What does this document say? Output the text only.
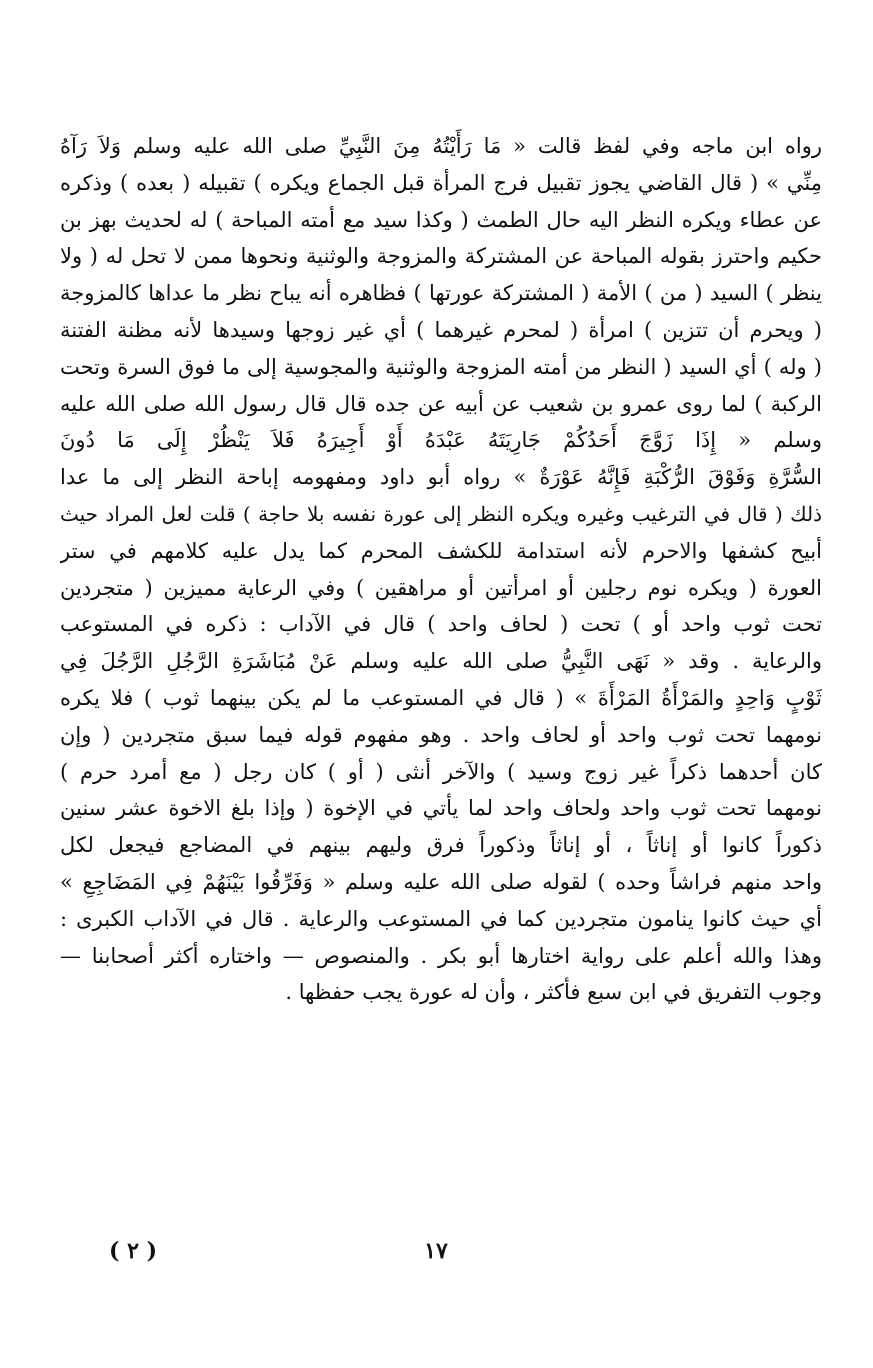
رواه ابن ماجه وفي لفظ قالت « مَا رَأَيْتُهُ مِنَ النَّبِيِّ صلى الله عليه وسلم وَلاَ رَآهُ
مِنِّي » ( قال القاضي يجوز تقبيل فرج المرأة قبل الجماع ويكره ) تقبيله ( بعده ) وذكره
عن عطاء ويكره النظر اليه حال الطمث ( وكذا سيد مع أمته المباحة ) له لحديث بهز بن
حكيم واحترز بقوله المباحة عن المشتركة والمزوجة والوثنية ونحوها ممن لا تحل له ( ولا
ينظر ) السيد ( من ) الأمة ( المشتركة عورتها ) فظاهره أنه يباح نظر ما عداها كالمزوجة
( ويحرم أن تتزين ) امرأة ( لمحرم غيرهما ) أي غير زوجها وسيدها لأنه مظنة الفتنة
( وله ) أي السيد ( النظر من أمته المزوجة والوثنية والمجوسية إلى ما فوق السرة وتحت
الركبة ) لما روى عمرو بن شعيب عن أبيه عن جده قال قال رسول الله صلى الله عليه
وسلم « إِذَا زَوَّجَ أَحَدُكُمْ جَارِيَتَهُ عَبْدَهُ أَوْ أَجِيرَهُ فَلاَ يَنْظُرْ إِلَى مَا دُونَ
السُّرَّةِ وَفَوْقَ الرُّكْبَةِ فَإِنَّهُ عَوْرَةٌ » رواه أبو داود ومفهومه إباحة النظر إلى ما عدا
ذلك ( قال في الترغيب وغيره ويكره النظر إلى عورة نفسه بلا حاجة ) قلت لعل المراد حيث
أبيح كشفها والاحرم لأنه استدامة للكشف المحرم كما يدل عليه كلامهم في ستر
العورة ( ويكره نوم رجلين أو امرأتين أو مراهقين ) وفي الرعاية مميزين ( متجردين
تحت ثوب واحد أو ) تحت ( لحاف واحد ) قال في الآداب : ذكره في المستوعب
والرعاية . وقد « نَهَى النَّبِيُّ صلى الله عليه وسلم عَنْ مُبَاشَرَةِ الرَّجُلِ الرَّجُلَ فِي
ثَوْبٍ وَاحِدٍ والمَرْأَةُ المَرْأَةَ » ( قال في المستوعب ما لم يكن بينهما ثوب ) فلا يكره
نومهما تحت ثوب واحد أو لحاف واحد . وهو مفهوم قوله فيما سبق متجردين ( وإن
كان أحدهما ذكراً غير زوج وسيد ) والآخر أنثى ( أو ) كان رجل ( مع أمرد حرم )
نومهما تحت ثوب واحد ولحاف واحد لما يأتي في الإخوة ( وإذا بلغ الاخوة عشر سنين
ذكوراً كانوا أو إناثاً ، أو إناثاً وذكوراً فرق وليهم بينهم في المضاجع فيجعل لكل
واحد منهم فراشاً وحده ) لقوله صلى الله عليه وسلم « وَفَرِّقُوا بَيْنَهُمْ فِي المَضَاجِعِ »
أي حيث كانوا ينامون متجردين كما في المستوعب والرعاية . قال في الآداب الكبرى :
وهذا والله أعلم على رواية اختارها أبو بكر . والمنصوص — واختاره أكثر أصحابنا —
وجوب التفريق في ابن سبع فأكثر ، وأن له عورة يجب حفظها .
١٧
( ٢ )
